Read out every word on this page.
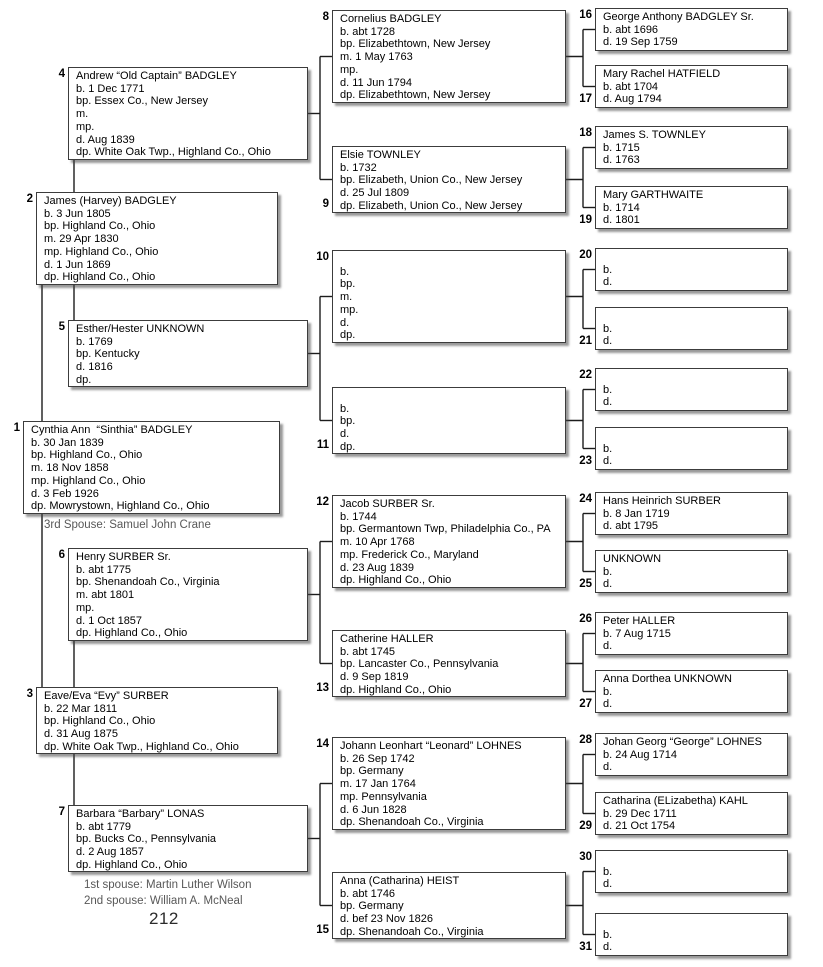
3rd Spouse: Samuel John Crane
1st spouse: Martin Luther Wilson
2nd spouse: William A. McNeal
212
Cynthia Ann  “Sinthia” BADGLEY
b. 30 Jan 1839
bp. Highland Co., Ohio
m. 18 Nov 1858
mp. Highland Co., Ohio
d. 3 Feb 1926
dp. Mowrystown, Highland Co., Ohio
1
James (Harvey) BADGLEY
b. 3 Jun 1805
bp. Highland Co., Ohio
m. 29 Apr 1830
mp. Highland Co., Ohio
d. 1 Jun 1869
dp. Highland Co., Ohio
2
Eave/Eva “Evy” SURBER
b. 22 Mar 1811
bp. Highland Co., Ohio
d. 31 Aug 1875
dp. White Oak Twp., Highland Co., Ohio
3
Andrew “Old Captain” BADGLEY
b. 1 Dec 1771
bp. Essex Co., New Jersey
m.
mp.
d. Aug 1839
dp. White Oak Twp., Highland Co., Ohio
4
Esther/Hester UNKNOWN
b. 1769
bp. Kentucky
d. 1816
dp.
5
Henry SURBER Sr.
b. abt 1775
bp. Shenandoah Co., Virginia
m. abt 1801
mp.
d. 1 Oct 1857
dp. Highland Co., Ohio
6
Barbara “Barbary” LONAS
b. abt 1779
bp. Bucks Co., Pennsylvania
d. 2 Aug 1857
dp. Highland Co., Ohio
7
Cornelius BADGLEY
b. abt 1728
bp. Elizabethtown, New Jersey
m. 1 May 1763
mp.
d. 11 Jun 1794
dp. Elizabethtown, New Jersey
8
Elsie TOWNLEY
b. 1732
bp. Elizabeth, Union Co., New Jersey
d. 25 Jul 1809
dp. Elizabeth, Union Co., New Jersey
9
b.
bp.
m.
mp.
d.
dp.
10
b.
bp.
d.
dp.
11
Jacob SURBER Sr.
b. 1744
bp. Germantown Twp, Philadelphia Co., PA
m. 10 Apr 1768
mp. Frederick Co., Maryland
d. 23 Aug 1839
dp. Highland Co., Ohio
12
Catherine HALLER
b. abt 1745
bp. Lancaster Co., Pennsylvania
d. 9 Sep 1819
dp. Highland Co., Ohio
13
Johann Leonhart “Leonard” LOHNES
b. 26 Sep 1742
bp. Germany
m. 17 Jan 1764
mp. Pennsylvania
d. 6 Jun 1828
dp. Shenandoah Co., Virginia
14
Anna (Catharina) HEIST
b. abt 1746
bp. Germany
d. bef 23 Nov 1826
dp. Shenandoah Co., Virginia
15
George Anthony BADGLEY Sr.
b. abt 1696
d. 19 Sep 1759
16
Mary Rachel HATFIELD
b. abt 1704
d. Aug 1794
17
James S. TOWNLEY
b. 1715
d. 1763
18
Mary GARTHWAITE
b. 1714
d. 1801
19
b.
d.
20
b.
d.
21
b.
d.
22
b.
d.
23
Hans Heinrich SURBER
b. 8 Jan 1719
d. abt 1795
24
UNKNOWN
b.
d.
25
Peter HALLER
b. 7 Aug 1715
d.
26
Anna Dorthea UNKNOWN
b.
d.
27
Johan Georg “George” LOHNES
b. 24 Aug 1714
d.
28
Catharina (ELizabetha) KAHL
b. 29 Dec 1711
d. 21 Oct 1754
29
b.
d.
30
b.
d.
31
